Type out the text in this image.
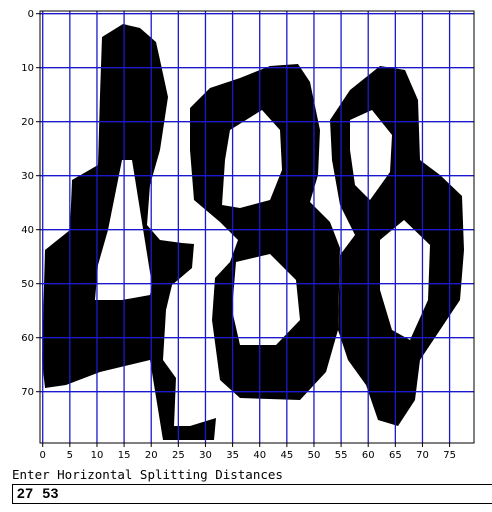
0 5 10 15 20 25 30 35 40 45 50 55 60 65 70 75
0
10
20
30
40
50
60
70
Enter Horizontal Splitting Distances
27  53
